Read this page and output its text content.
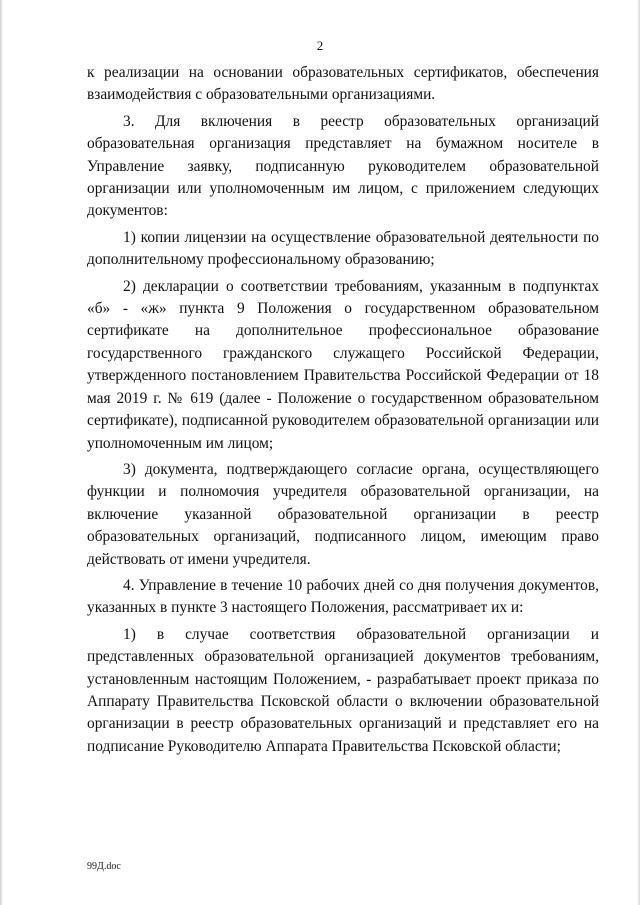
2

к реализации на основании образовательных сертификатов, обеспечения взаимодействия с образовательными организациями.

3. Для включения в реестр образовательных организаций образовательная организация представляет на бумажном носителе в Управление заявку, подписанную руководителем образовательной организации или уполномоченным им лицом, с приложением следующих документов:

1) копии лицензии на осуществление образовательной деятельности по дополнительному профессиональному образованию;

2) декларации о соответствии требованиям, указанным в подпунктах «б» - «ж» пункта 9 Положения о государственном образовательном сертификате на дополнительное профессиональное образование государственного гражданского служащего Российской Федерации, утвержденного постановлением Правительства Российской Федерации от 18 мая 2019 г. № 619 (далее - Положение о государственном образовательном сертификате), подписанной руководителем образовательной организации или уполномоченным им лицом;

3) документа, подтверждающего согласие органа, осуществляющего функции и полномочия учредителя образовательной организации, на включение указанной образовательной организации в реестр образовательных организаций, подписанного лицом, имеющим право действовать от имени учредителя.

4. Управление в течение 10 рабочих дней со дня получения документов, указанных в пункте 3 настоящего Положения, рассматривает их и:

1) в случае соответствия образовательной организации и представленных образовательной организацией документов требованиям, установленным настоящим Положением, - разрабатывает проект приказа по Аппарату Правительства Псковской области о включении образовательной организации в реестр образовательных организаций и представляет его на подписание Руководителю Аппарата Правительства Псковской области;

99Д.doc
